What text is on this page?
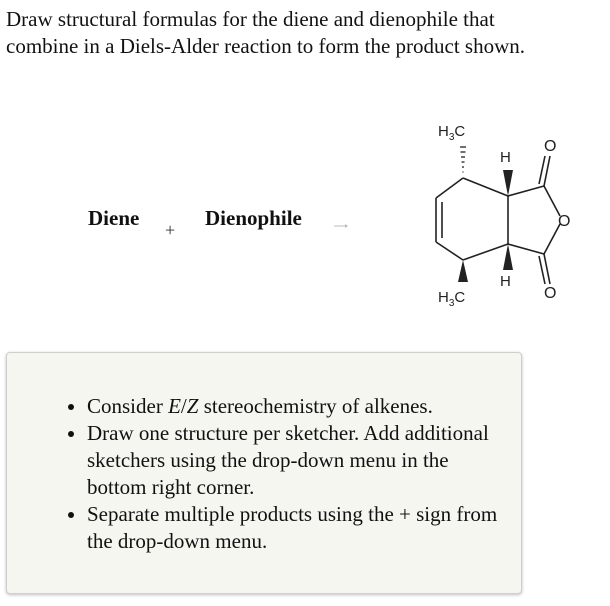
Draw structural formulas for the diene and dienophile that combine in a Diels-Alder reaction to form the product shown.

Diene + Dienophile
$H_3C$
$H_3C$
H
H
O
O
O
• Consider E/Z stereochemistry of alkenes.
• Draw one structure per sketcher. Add additional sketchers using the drop-down menu in the bottom right corner.
• Separate multiple products using the + sign from the drop-down menu.
